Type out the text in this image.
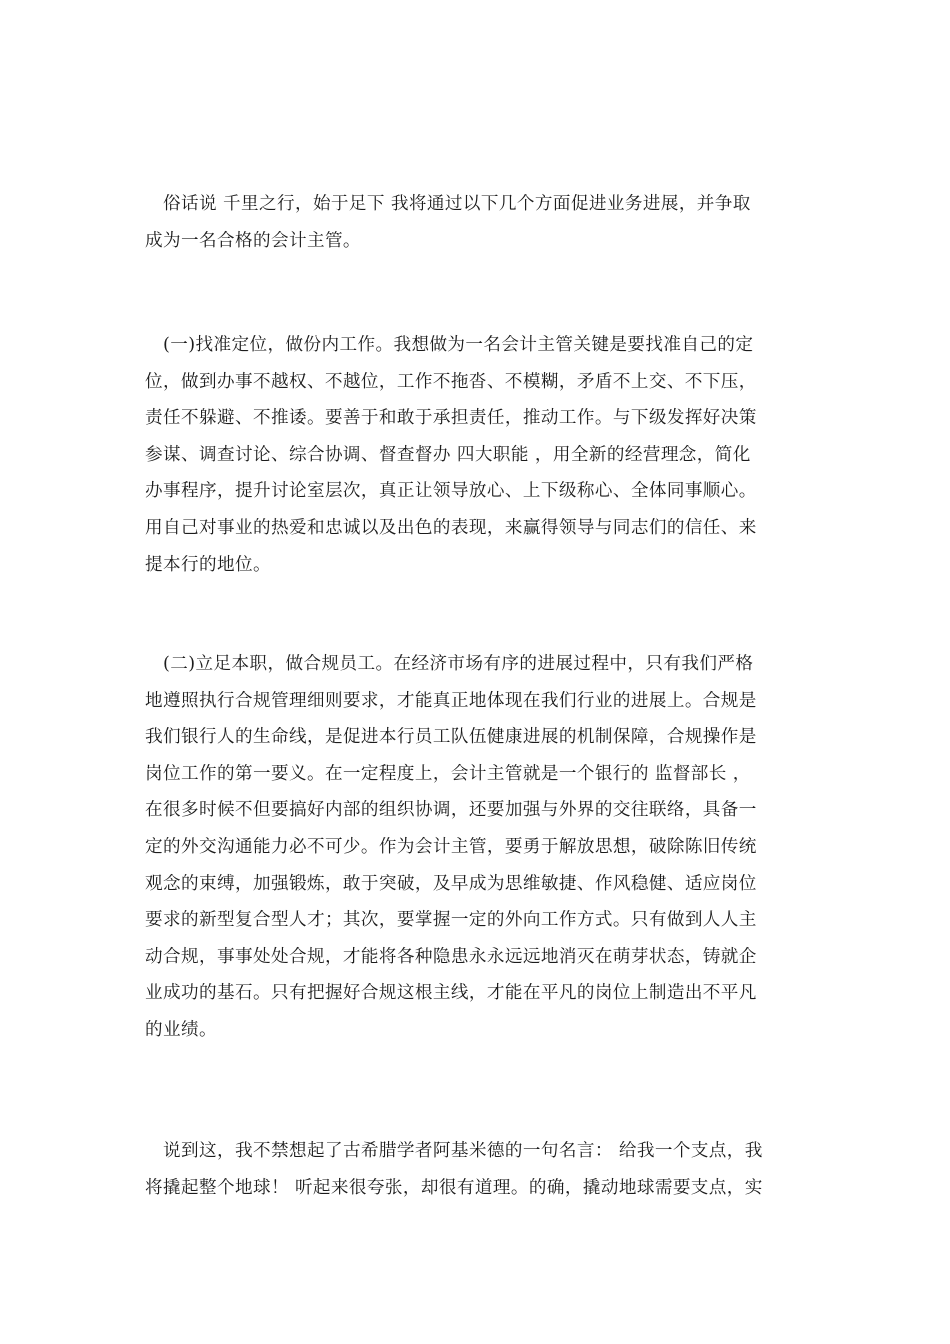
俗话说 千里之行，始于足下 我将通过以下几个方面促进业务进展，并争取
成为一名合格的会计主管。

(一)找准定位，做份内工作。我想做为一名会计主管关键是要找准自己的定
位，做到办事不越权、不越位，工作不拖沓、不模糊，矛盾不上交、不下压，
责任不躲避、不推诿。要善于和敢于承担责任，推动工作。与下级发挥好决策
参谋、调查讨论、综合协调、督查督办 四大职能 ，用全新的经营理念，简化
办事程序，提升讨论室层次，真正让领导放心、上下级称心、全体同事顺心。
用自己对事业的热爱和忠诚以及出色的表现，来赢得领导与同志们的信任、来
提本行的地位。

(二)立足本职，做合规员工。在经济市场有序的进展过程中，只有我们严格
地遵照执行合规管理细则要求，才能真正地体现在我们行业的进展上。合规是
我们银行人的生命线，是促进本行员工队伍健康进展的机制保障，合规操作是
岗位工作的第一要义。在一定程度上，会计主管就是一个银行的 监督部长 ，
在很多时候不但要搞好内部的组织协调，还要加强与外界的交往联络，具备一
定的外交沟通能力必不可少。作为会计主管，要勇于解放思想，破除陈旧传统
观念的束缚，加强锻炼，敢于突破，及早成为思维敏捷、作风稳健、适应岗位
要求的新型复合型人才；其次，要掌握一定的外向工作方式。只有做到人人主
动合规，事事处处合规，才能将各种隐患永永远远地消灭在萌芽状态，铸就企
业成功的基石。只有把握好合规这根主线，才能在平凡的岗位上制造出不平凡
的业绩。

说到这，我不禁想起了古希腊学者阿基米德的一句名言： 给我一个支点，我
将撬起整个地球！ 听起来很夸张，却很有道理。的确，撬动地球需要支点，实
